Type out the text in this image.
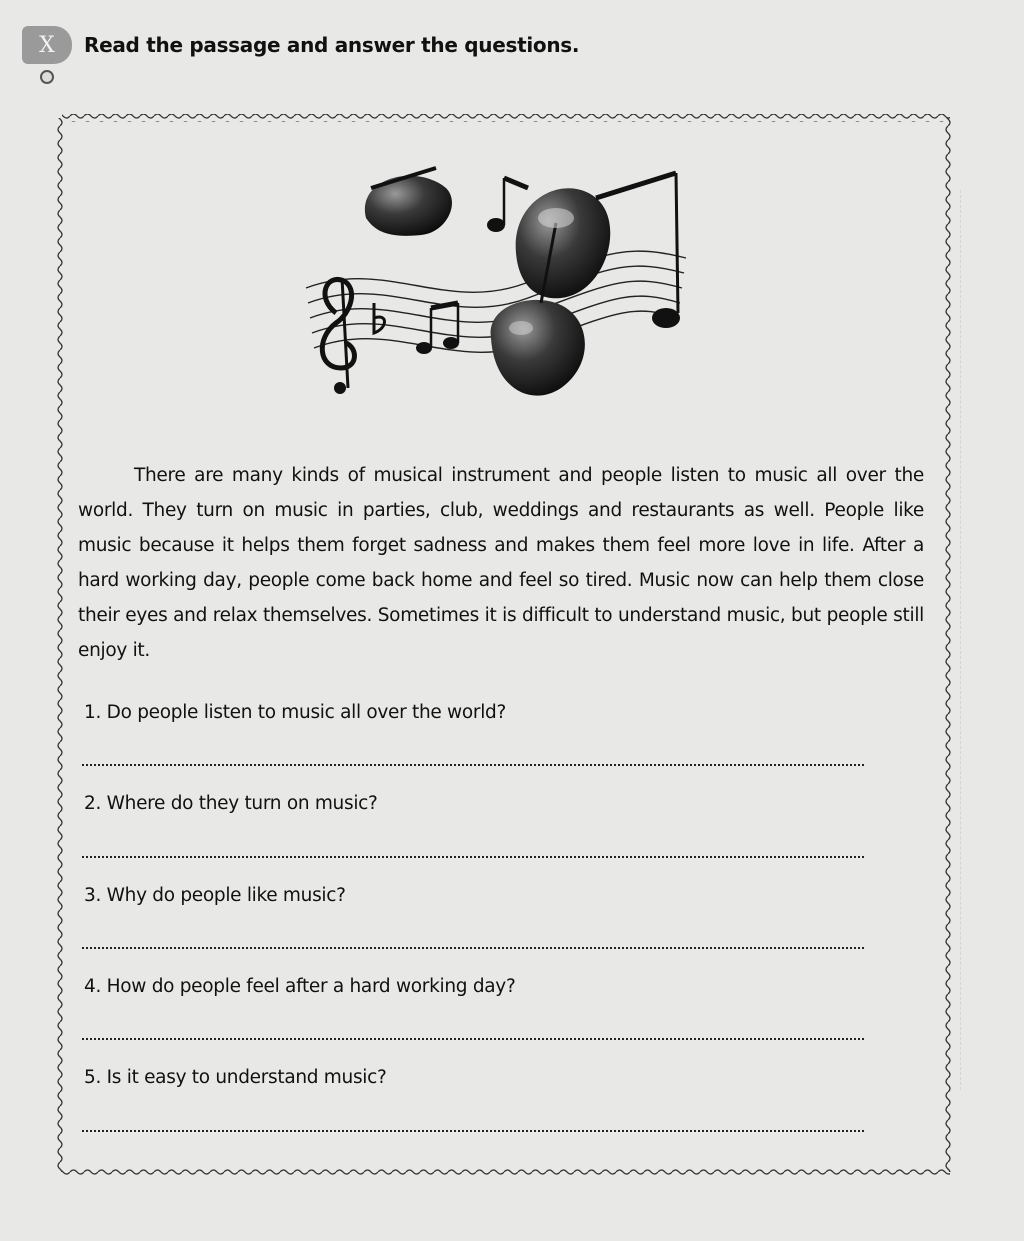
X Read the passage and answer the questions.
There are many kinds of musical instrument and people listen to music all over the world. They turn on music in parties, club, weddings and restaurants as well. People like music because it helps them forget sadness and makes them feel more love in life. After a hard working day, people come back home and feel so tired. Music now can help them close their eyes and relax themselves. Sometimes it is difficult to understand music, but people still enjoy it.
1. Do people listen to music all over the world?
2. Where do they turn on music?
3. Why do people like music?
4. How do people feel after a hard working day?
5. Is it easy to understand music?
